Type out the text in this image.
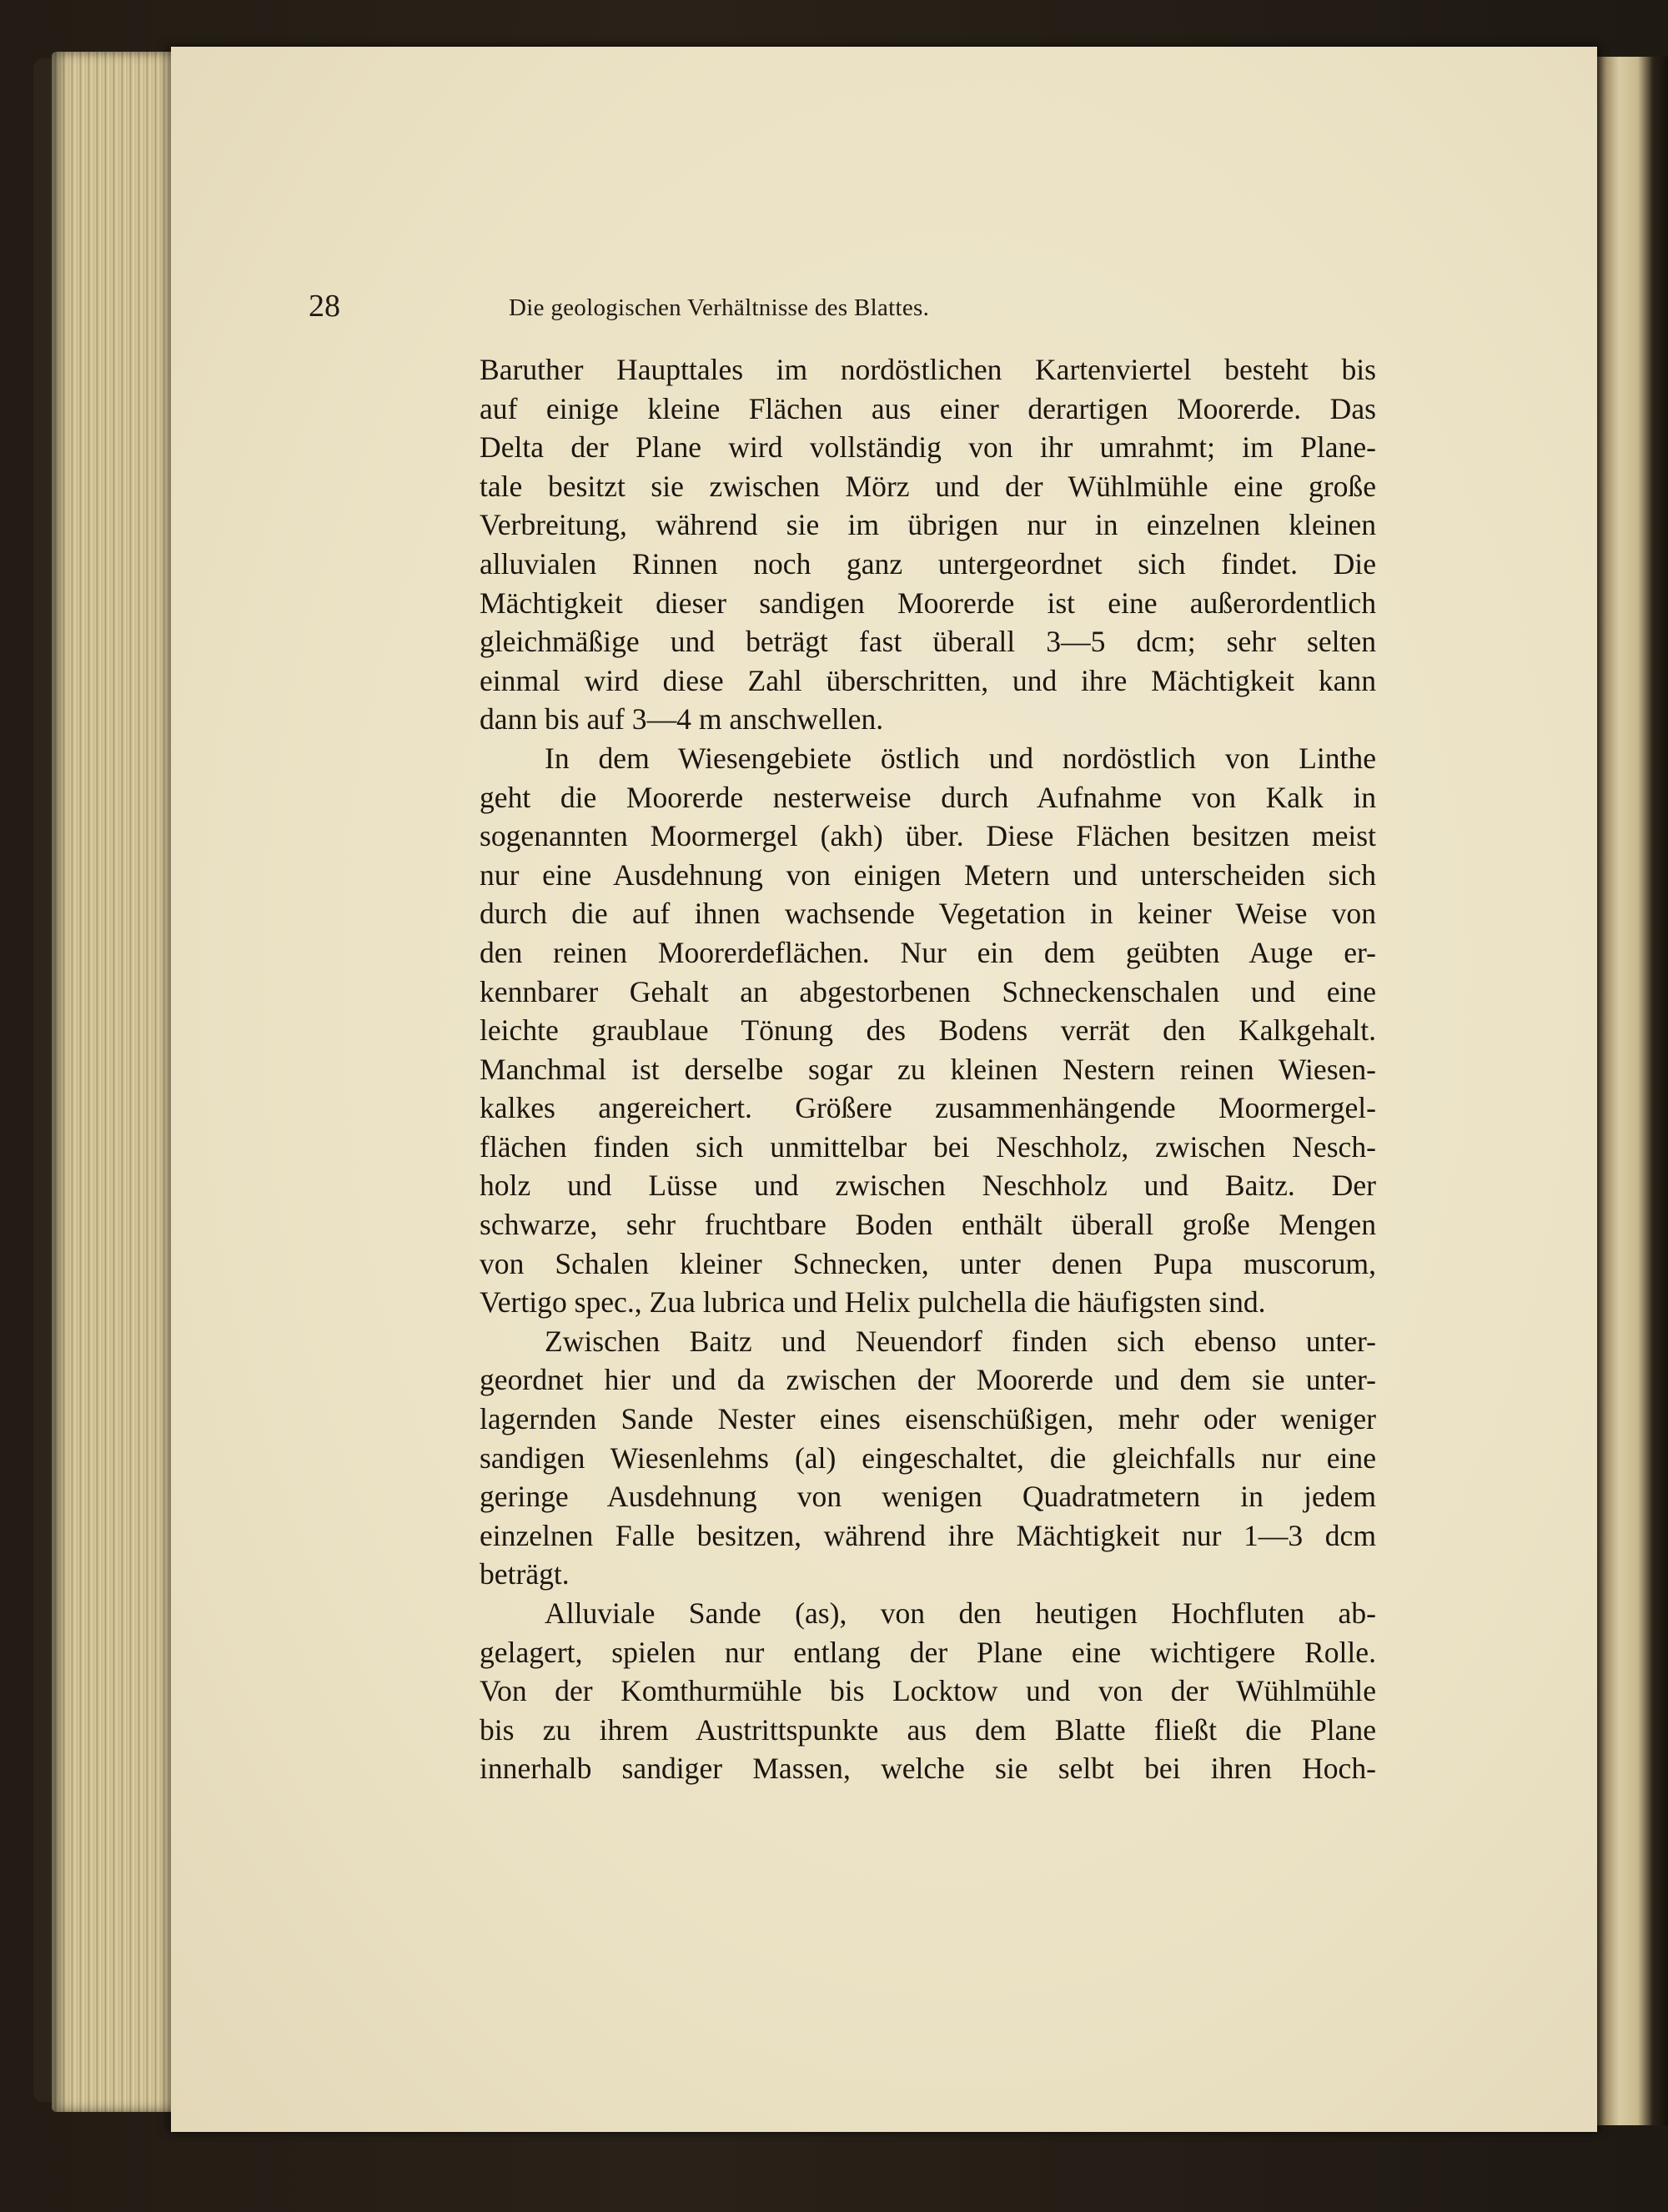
28	Die geologischen Verhältnisse des Blattes.
Baruther Haupttales im nordöstlichen Kartenviertel besteht bis
auf einige kleine Flächen aus einer derartigen Moorerde. Das
Delta der Plane wird vollständig von ihr umrahmt; im Plane-
tale besitzt sie zwischen Mörz und der Wühlmühle eine große
Verbreitung, während sie im übrigen nur in einzelnen kleinen
alluvialen Rinnen noch ganz untergeordnet sich findet. Die
Mächtigkeit dieser sandigen Moorerde ist eine außerordentlich
gleichmäßige und beträgt fast überall 3—5 dcm; sehr selten
einmal wird diese Zahl überschritten, und ihre Mächtigkeit kann
dann bis auf 3—4 m anschwellen.
In dem Wiesengebiete östlich und nordöstlich von Linthe
geht die Moorerde nesterweise durch Aufnahme von Kalk in
sogenannten Moormergel (akh) über. Diese Flächen besitzen meist
nur eine Ausdehnung von einigen Metern und unterscheiden sich
durch die auf ihnen wachsende Vegetation in keiner Weise von
den reinen Moorerdeflächen. Nur ein dem geübten Auge er-
kennbarer Gehalt an abgestorbenen Schneckenschalen und eine
leichte graublaue Tönung des Bodens verrät den Kalkgehalt.
Manchmal ist derselbe sogar zu kleinen Nestern reinen Wiesen-
kalkes angereichert. Größere zusammenhängende Moormergel-
flächen finden sich unmittelbar bei Neschholz, zwischen Nesch-
holz und Lüsse und zwischen Neschholz und Baitz. Der
schwarze, sehr fruchtbare Boden enthält überall große Mengen
von Schalen kleiner Schnecken, unter denen Pupa muscorum,
Vertigo spec., Zua lubrica und Helix pulchella die häufigsten sind.
Zwischen Baitz und Neuendorf finden sich ebenso unter-
geordnet hier und da zwischen der Moorerde und dem sie unter-
lagernden Sande Nester eines eisenschüßigen, mehr oder weniger
sandigen Wiesenlehms (al) eingeschaltet, die gleichfalls nur eine
geringe Ausdehnung von wenigen Quadratmetern in jedem
einzelnen Falle besitzen, während ihre Mächtigkeit nur 1—3 dcm
beträgt.
Alluviale Sande (as), von den heutigen Hochfluten ab-
gelagert, spielen nur entlang der Plane eine wichtigere Rolle.
Von der Komthurmühle bis Locktow und von der Wühlmühle
bis zu ihrem Austrittspunkte aus dem Blatte fließt die Plane
innerhalb sandiger Massen, welche sie selbt bei ihren Hoch-
